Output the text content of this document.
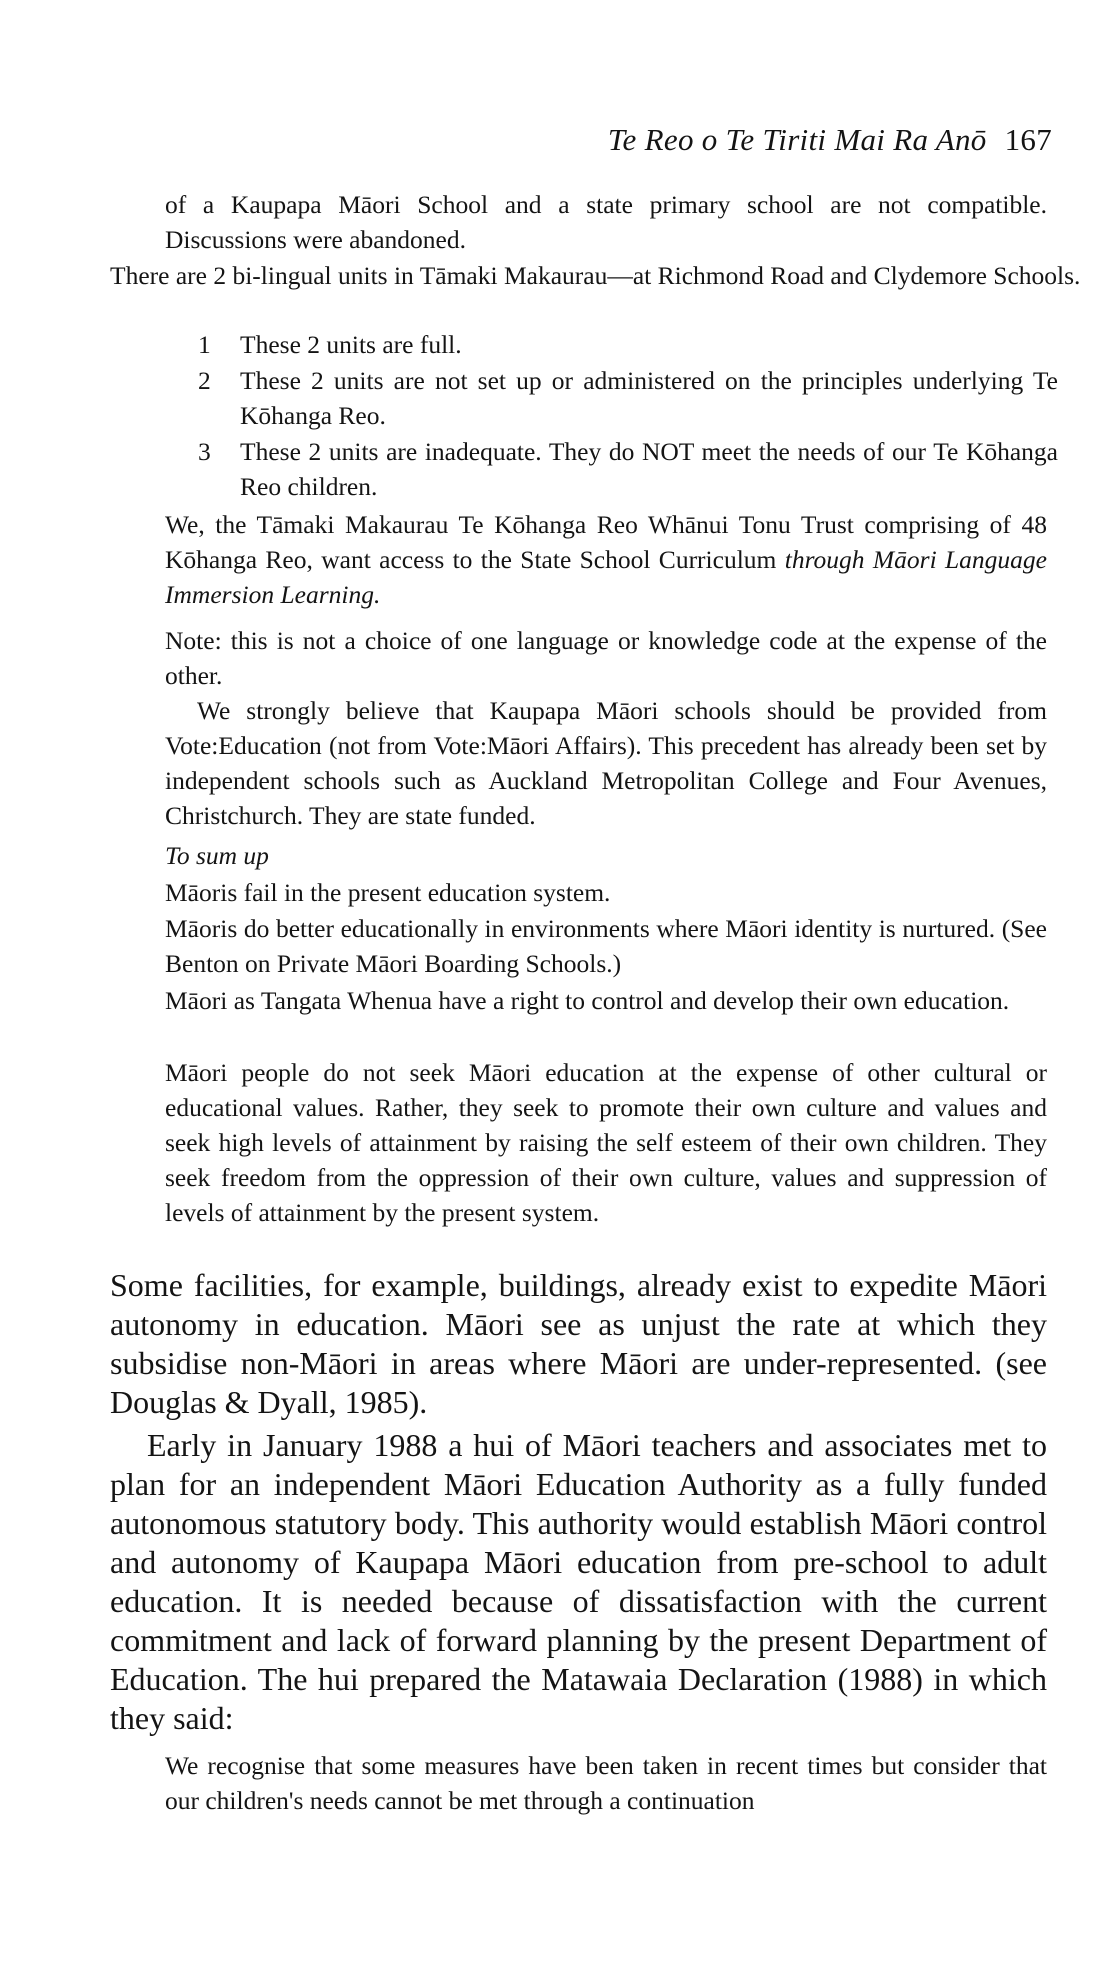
Te Reo o Te Tiriti Mai Ra Anō 167
of a Kaupapa Māori School and a state primary school are not compatible. Discussions were abandoned.
There are 2 bi-lingual units in Tāmaki Makaurau—at Richmond Road and Clydemore Schools.
1	These 2 units are full.
2	These 2 units are not set up or administered on the principles underlying Te Kōhanga Reo.
3	These 2 units are inadequate. They do NOT meet the needs of our Te Kōhanga Reo children.
We, the Tāmaki Makaurau Te Kōhanga Reo Whānui Tonu Trust comprising of 48 Kōhanga Reo, want access to the State School Curriculum through Māori Language Immersion Learning.
Note: this is not a choice of one language or knowledge code at the expense of the other.
We strongly believe that Kaupapa Māori schools should be provided from Vote:Education (not from Vote:Māori Affairs). This precedent has already been set by independent schools such as Auckland Metropolitan College and Four Avenues, Christchurch. They are state funded.
To sum up
Māoris fail in the present education system.
Māoris do better educationally in environments where Māori identity is nurtured. (See Benton on Private Māori Boarding Schools.)
Māori as Tangata Whenua have a right to control and develop their own education.
Māori people do not seek Māori education at the expense of other cultural or educational values. Rather, they seek to promote their own culture and values and seek high levels of attainment by raising the self esteem of their own children. They seek freedom from the oppression of their own culture, values and suppression of levels of attainment by the present system.
Some facilities, for example, buildings, already exist to expedite Māori autonomy in education. Māori see as unjust the rate at which they subsidise non-Māori in areas where Māori are under-represented. (see Douglas & Dyall, 1985).
Early in January 1988 a hui of Māori teachers and associates met to plan for an independent Māori Education Authority as a fully funded autonomous statutory body. This authority would establish Māori control and autonomy of Kaupapa Māori education from pre-school to adult education. It is needed because of dissatisfaction with the current commitment and lack of forward planning by the present Department of Education. The hui prepared the Matawaia Declaration (1988) in which they said:
We recognise that some measures have been taken in recent times but consider that our children's needs cannot be met through a continuation
